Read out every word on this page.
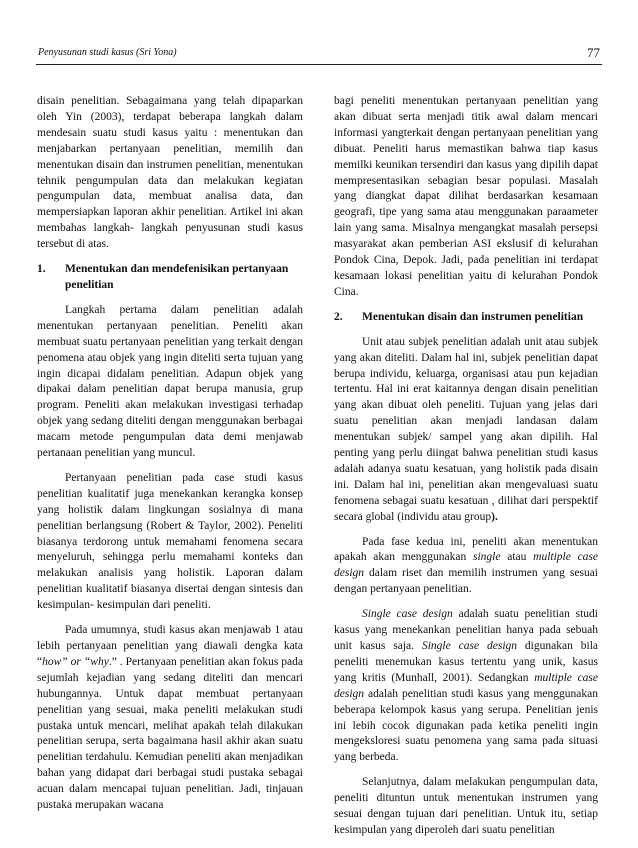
Penyusunan studi kasus (Sri Yona)	77

disain penelitian. Sebagaimana yang telah dipaparkan oleh Yin (2003), terdapat beberapa langkah dalam mendesain suatu studi kasus yaitu : menentukan dan menjabarkan pertanyaan penelitian, memilih dan menentukan disain dan instrumen penelitian, menentukan tehnik pengumpulan data dan melakukan kegiatan pengumpulan data, membuat analisa data, dan mempersiapkan laporan akhir penelitian. Artikel ini akan membahas langkah- langkah penyusunan studi kasus tersebut di atas.

1.	Menentukan dan mendefenisikan pertanyaan penelitian

Langkah pertama dalam penelitian adalah menentukan pertanyaan penelitian. Peneliti akan membuat suatu pertanyaan penelitian yang terkait dengan penomena atau objek yang ingin diteliti serta tujuan yang ingin dicapai didalam penelitian. Adapun objek yang dipakai dalam penelitian dapat berupa manusia, grup program. Peneliti akan melakukan investigasi terhadap objek yang sedang diteliti dengan menggunakan berbagai macam metode pengumpulan data demi menjawab pertanaan penelitian yang muncul.

Pertanyaan penelitian pada case studi kasus penelitian kualitatif juga menekankan kerangka konsep yang holistik dalam lingkungan sosialnya di mana penelitian berlangsung (Robert & Taylor, 2002). Peneliti biasanya terdorong untuk memahami fenomena secara menyeluruh, sehingga perlu memahami konteks dan melakukan analisis yang holistik. Laporan dalam penelitian kualitatif biasanya disertai dengan sintesis dan kesimpulan- kesimpulan dari peneliti.

Pada umumnya, studi kasus akan menjawab 1 atau lebih pertanyaan penelitian yang diawali dengka kata “how” or “why.” . Pertanyaan penelitian akan fokus pada sejumlah kejadian yang sedang diteliti dan mencari hubungannya. Untuk dapat membuat pertanyaan penelitian yang sesuai, maka peneliti melakukan studi pustaka untuk mencari, melihat apakah telah dilakukan penelitian serupa, serta bagaimana hasil akhir akan suatu penelitian terdahulu. Kemudian peneliti akan menjadikan bahan yang didapat dari berbagai studi pustaka sebagai acuan dalam mencapai tujuan penelitian. Jadi, tinjauan pustaka merupakan wacana

bagi peneliti menentukan pertanyaan penelitian yang akan dibuat serta menjadi titik awal dalam mencari informasi yangterkait dengan pertanyaan penelitian yang dibuat. Peneliti harus memastikan bahwa tiap kasus memilki keunikan tersendiri dan kasus yang dipilih dapat mempresentasikan sebagian besar populasi. Masalah yang diangkat dapat dilihat berdasarkan kesamaan geografi, tipe yang sama atau menggunakan paraameter lain yang sama. Misalnya mengangkat masalah persepsi masyarakat akan pemberian ASI ekslusif di kelurahan Pondok Cina, Depok. Jadi, pada penelitian ini terdapat kesamaan lokasi penelitian yaitu di kelurahan Pondok Cina.

2.	Menentukan disain dan instrumen penelitian

Unit atau subjek penelitian adalah unit atau subjek yang akan diteliti. Dalam hal ini, subjek penelitian dapat berupa individu, keluarga, organisasi atau pun kejadian tertentu. Hal ini erat kaitannya dengan disain penelitian yang akan dibuat oleh peneliti. Tujuan yang jelas dari suatu penelitian akan menjadi landasan dalam menentukan subjek/ sampel yang akan dipilih. Hal penting yang perlu diingat bahwa penelitian studi kasus adalah adanya suatu kesatuan, yang holistik pada disain ini. Dalam hal ini, penelitian akan mengevaluasi suatu fenomena sebagai suatu kesatuan , dilihat dari perspektif secara global (individu atau group).

Pada fase kedua ini, peneliti akan menentukan apakah akan menggunakan single atau multiple case design dalam riset dan memilih instrumen yang sesuai dengan pertanyaan penelitian.

Single case design adalah suatu penelitian studi kasus yang menekankan penelitian hanya pada sebuah unit kasus saja. Single case design digunakan bila peneliti menemukan kasus tertentu yang unik, kasus yang kritis (Munhall, 2001). Sedangkan multiple case design adalah penelitian studi kasus yang menggunakan beberapa kelompok kasus yang serupa. Penelitian jenis ini lebih cocok digunakan pada ketika peneliti ingin mengeksloresi suatu penomena yang sama pada situasi yang berbeda.

Selanjutnya, dalam melakukan pengumpulan data, peneliti dituntun untuk menentukan instrumen yang sesuai dengan tujuan dari penelitian. Untuk itu, setiap kesimpulan yang diperoleh dari suatu penelitian
